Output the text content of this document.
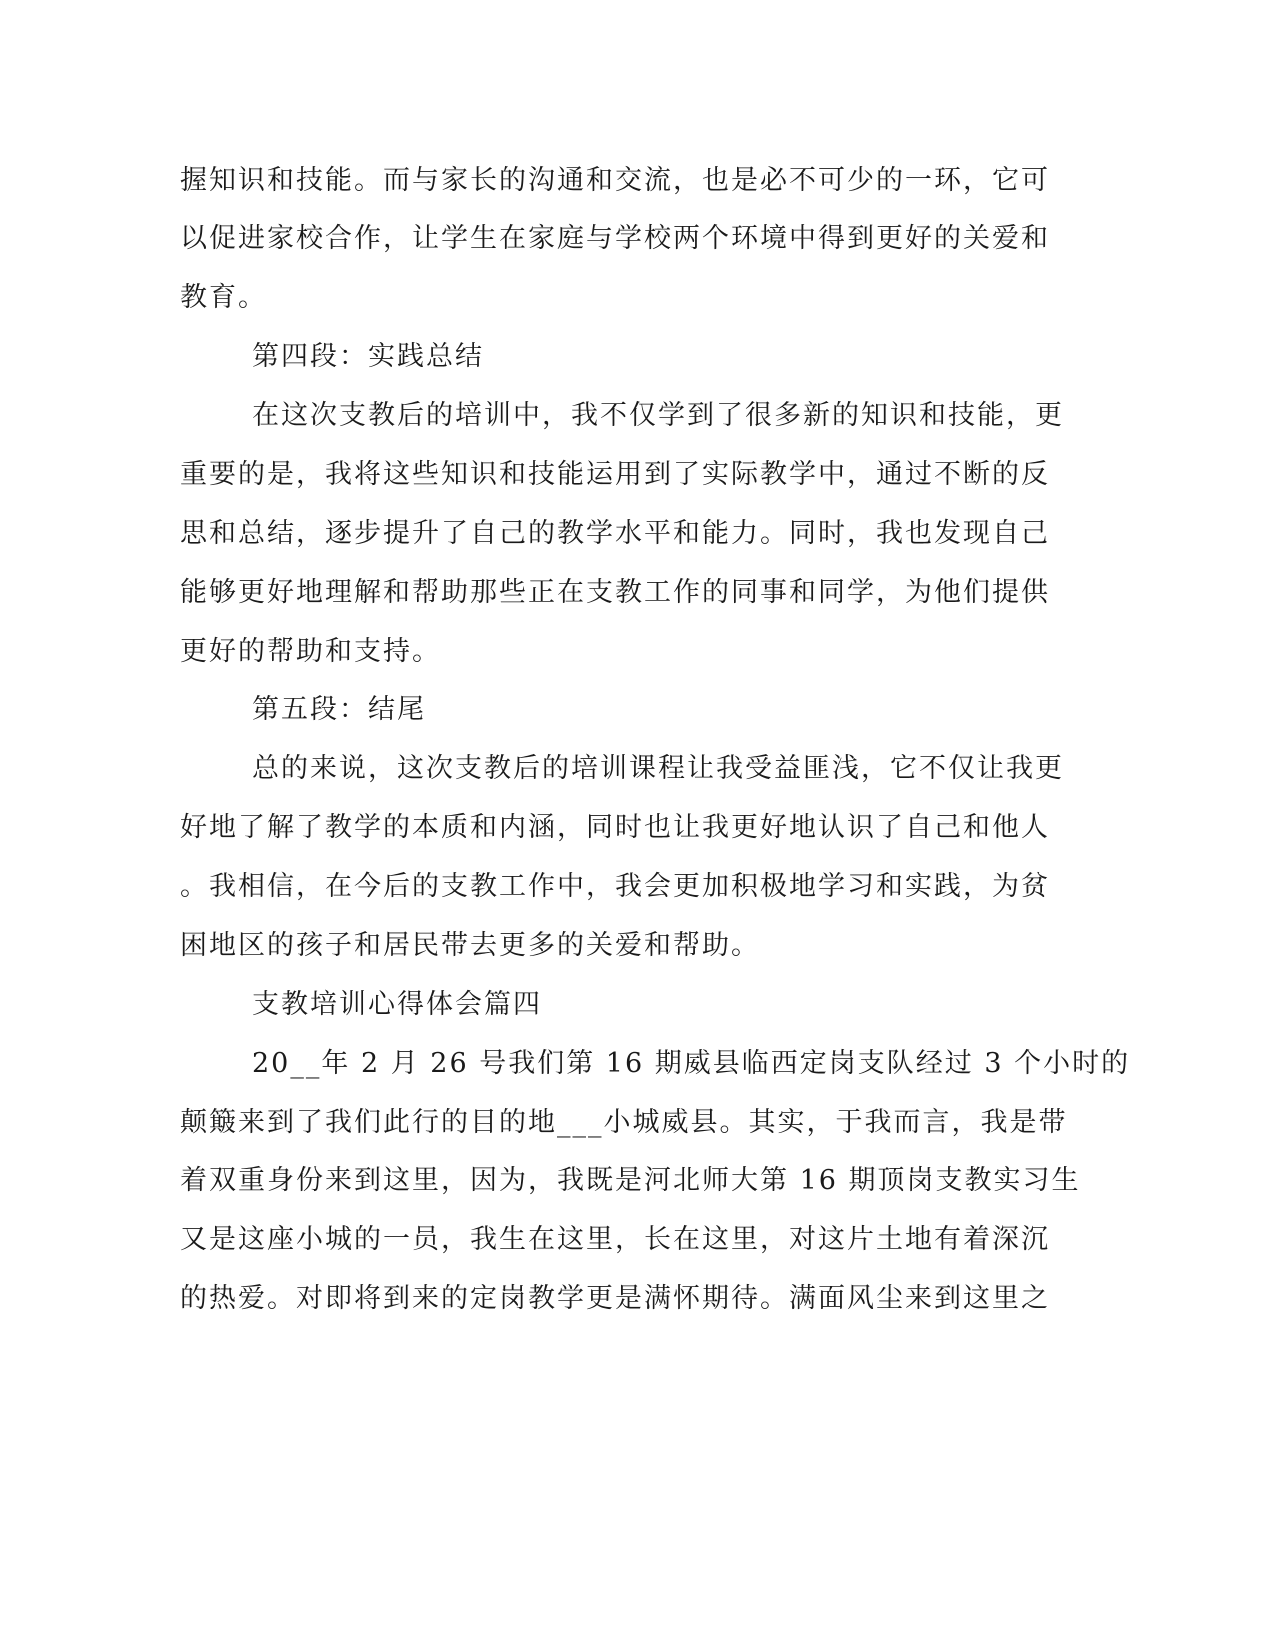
握知识和技能。而与家长的沟通和交流，也是必不可少的一环，它可
以促进家校合作，让学生在家庭与学校两个环境中得到更好的关爱和
教育。
第四段：实践总结
在这次支教后的培训中，我不仅学到了很多新的知识和技能，更
重要的是，我将这些知识和技能运用到了实际教学中，通过不断的反
思和总结，逐步提升了自己的教学水平和能力。同时，我也发现自己
能够更好地理解和帮助那些正在支教工作的同事和同学，为他们提供
更好的帮助和支持。
第五段：结尾
总的来说，这次支教后的培训课程让我受益匪浅，它不仅让我更
好地了解了教学的本质和内涵，同时也让我更好地认识了自己和他人
。我相信，在今后的支教工作中，我会更加积极地学习和实践，为贫
困地区的孩子和居民带去更多的关爱和帮助。
支教培训心得体会篇四
20__年 2 月 26 号我们第 16 期威县临西定岗支队经过 3 个小时的
颠簸来到了我们此行的目的地___小城威县。其实，于我而言，我是带
着双重身份来到这里，因为，我既是河北师大第 16 期顶岗支教实习生
又是这座小城的一员，我生在这里，长在这里，对这片土地有着深沉
的热爱。对即将到来的定岗教学更是满怀期待。满面风尘来到这里之
